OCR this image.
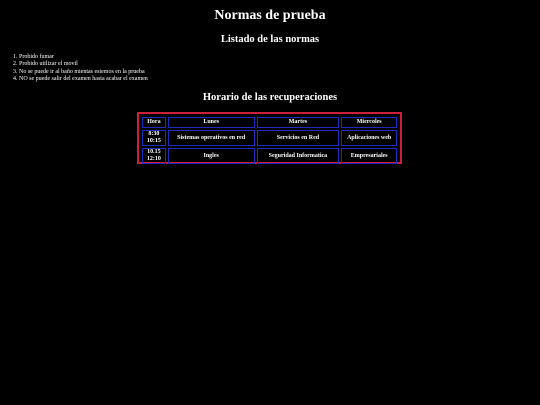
Normas de prueba
Listado de las normas
1. Probido fumar
2. Probido utilizar el movil
3. No se puede ir al baño mientas estemos en la prueba
4. NO se puede salir del examen hasta acabar el examen
Horario de las recuperaciones
Hora	Lunes	Martes	Miercoles
8:30
10:15	Sistemas operativos en red	Servicios en Red	Aplicaciones web
10.15
12:10	Ingles	Seguridad Informatica	Empresariales
